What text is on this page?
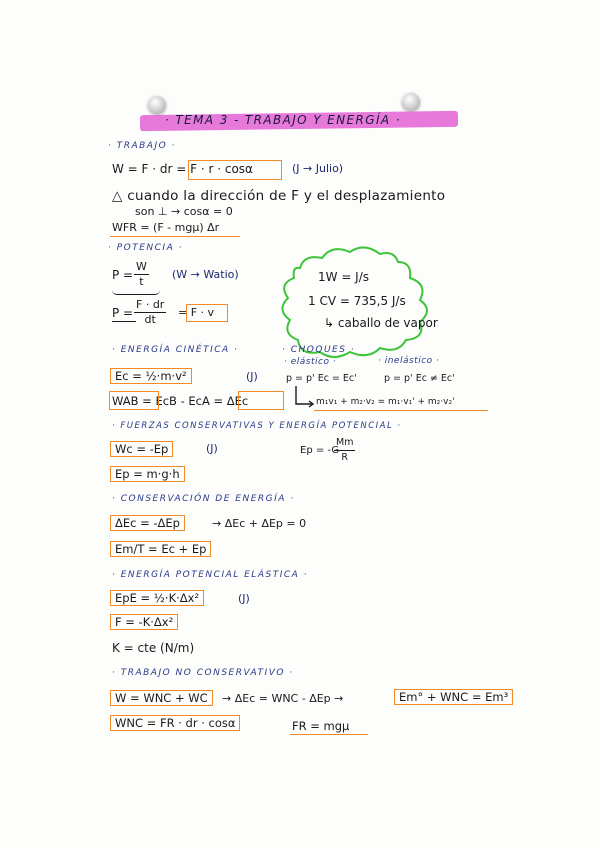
· TEMA 3 - TRABAJO Y ENERGÍA ·
· TRABAJO ·
W = F · dr = F · r · cosα	(J → Julio)
△ cuando la dirección de F y el desplazamiento
son ⊥ → cosα = 0
WFR = (F - mgμ) Δr
· POTENCIA ·
$P = \frac{W}{t} (W$ → Watio)
$P = \frac{F \cdot dr}{dt} = F \cdot v$
1W = J/s
1 CV = 735,5 J/s
↳ caballo de vapor
· ENERGÍA CINÉTICA ·
Ec = ½·m·v²	(J)
WAB = EcB - EcA = ΔEc
· CHOQUES ·
· elástico ·
p = p' Ec = Ec'
· inelástico ·
p = p' Ec ≠ Ec'
m₁v₁ + m₂·v₂ = m₁·v₁' + m₂·v₂'
· FUERZAS CONSERVATIVAS Y ENERGÍA POTENCIAL ·
Wc = -Ep	(J)	Ep = -G
$\frac{Mm}{R}$
Ep = m·g·h
· CONSERVACIÓN DE ENERGÍA ·
ΔEc = -ΔEp	→ ΔEc + ΔEp = 0
Em/T = Ec + Ep
· ENERGÍA POTENCIAL ELÁSTICA ·
EpE = ½·K·Δx²	(J)
F = -K·Δx²
K = cte (N/m)
· TRABAJO NO CONSERVATIVO ·
W = WNC + WC	→ ΔEc = WNC - ΔEp →	Em° + WNC = Em³
WNC = FR · dr · cosα	FR = mgμ
